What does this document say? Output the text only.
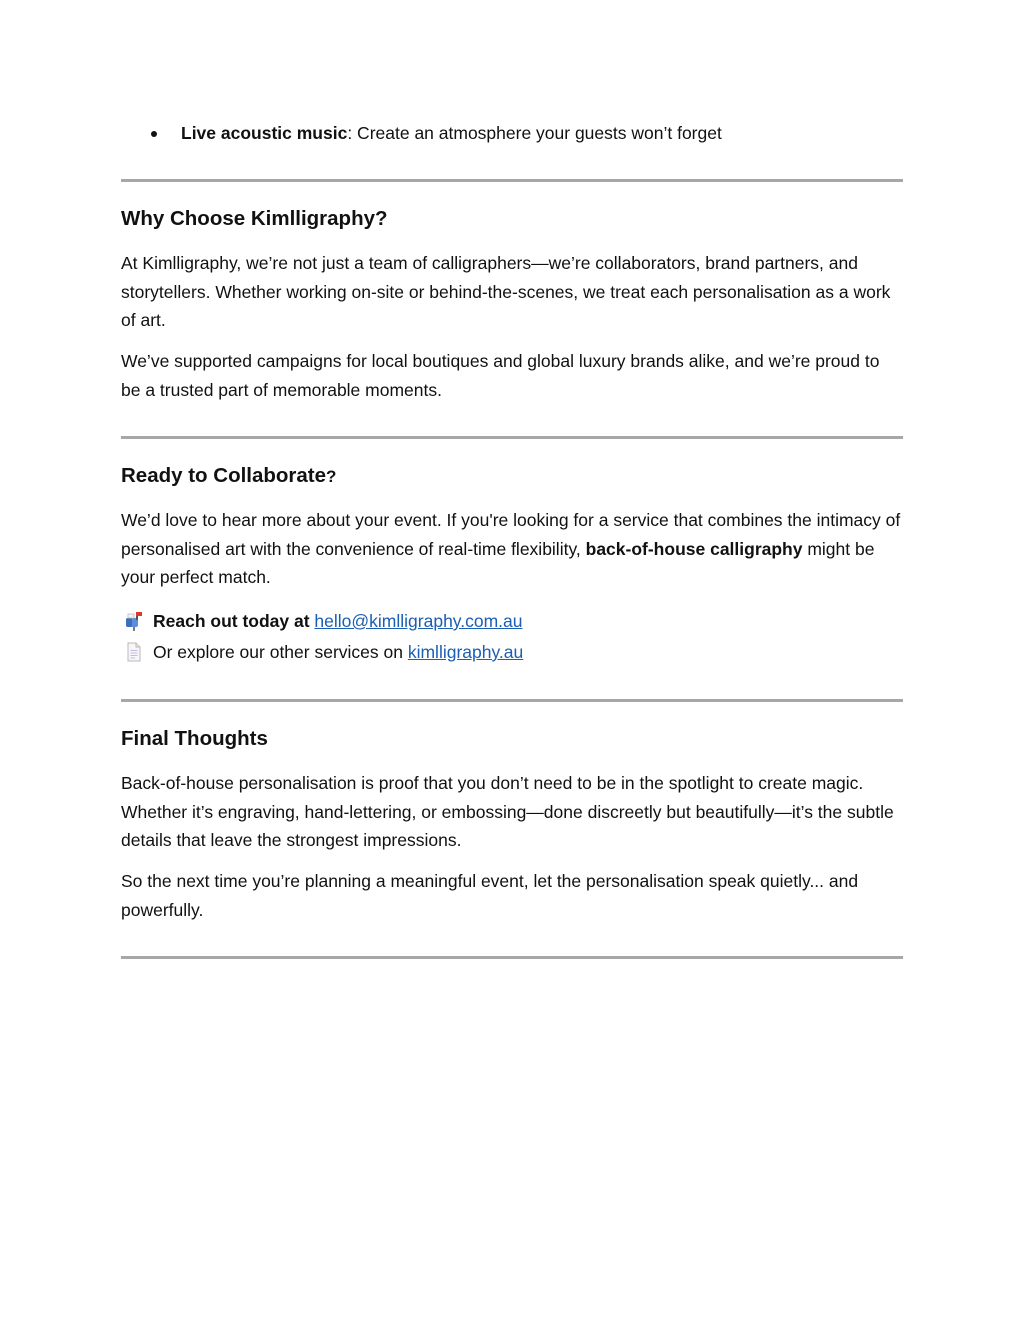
Live acoustic music: Create an atmosphere your guests won’t forget
Why Choose Kimlligraphy?

At Kimlligraphy, we’re not just a team of calligraphers—we’re collaborators, brand partners, and storytellers. Whether working on-site or behind-the-scenes, we treat each personalisation as a work of art.

We’ve supported campaigns for local boutiques and global luxury brands alike, and we’re proud to be a trusted part of memorable moments.

Ready to Collaborate?

We’d love to hear more about your event. If you're looking for a service that combines the intimacy of personalised art with the convenience of real-time flexibility, back-of-house calligraphy might be your perfect match.

Reach out today at hello@kimlligraphy.com.au
Or explore our other services on kimlligraphy.au
Final Thoughts

Back-of-house personalisation is proof that you don’t need to be in the spotlight to create magic. Whether it’s engraving, hand-lettering, or embossing—done discreetly but beautifully—it’s the subtle details that leave the strongest impressions.

So the next time you’re planning a meaningful event, let the personalisation speak quietly... and powerfully.
